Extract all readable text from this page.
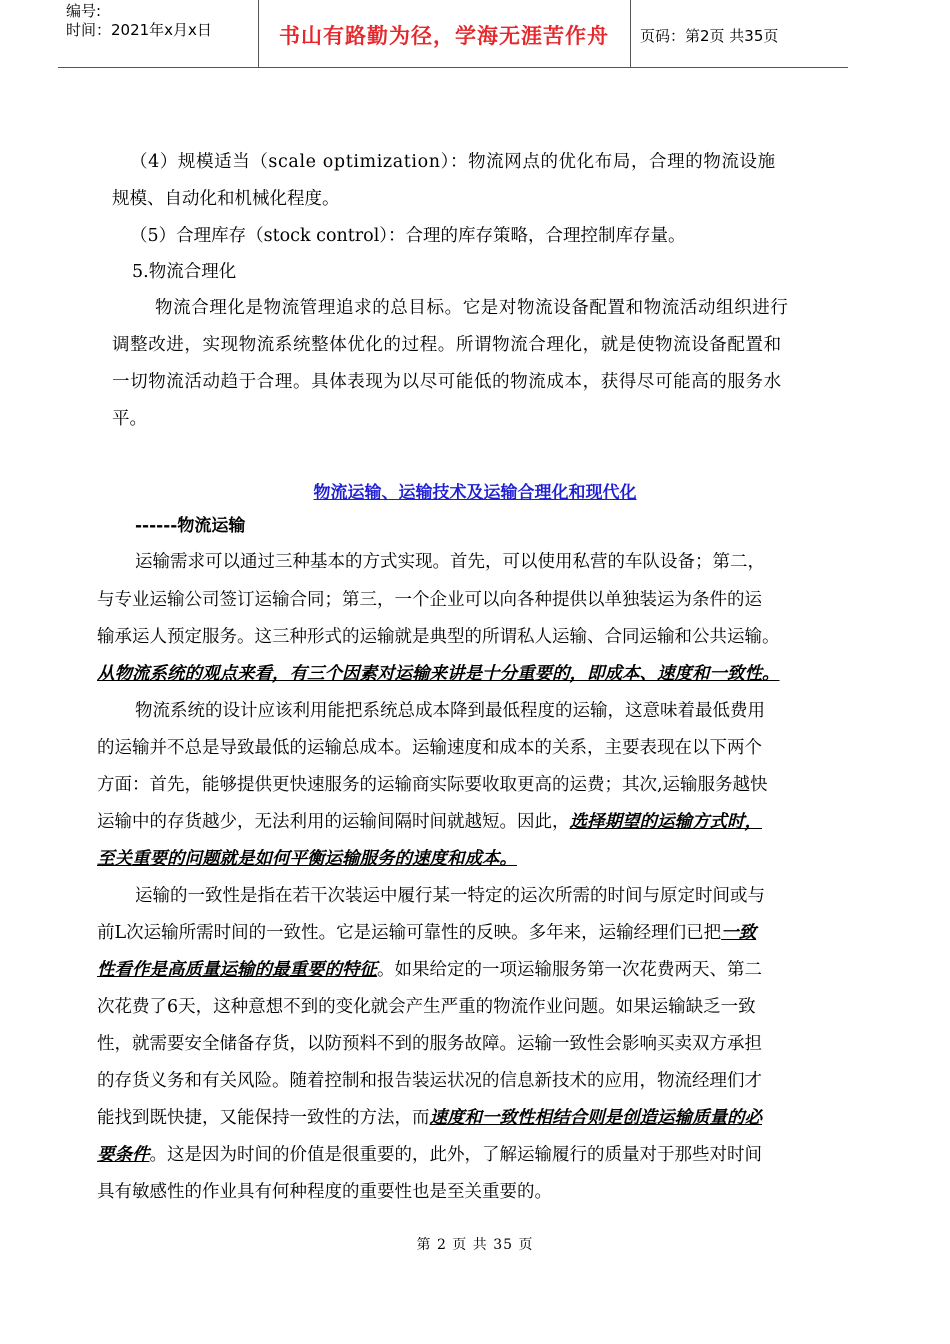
编号:
时间：2021年x月x日	书山有路勤为径，学海无涯苦作舟	页码：第2页 共35页
（4）规模适当（scale optimization）：物流网点的优化布局，合理的物流设施
规模、自动化和机械化程度。
（5）合理库存（stock control）：合理的库存策略，合理控制库存量。
5.物流合理化
物流合理化是物流管理追求的总目标。它是对物流设备配置和物流活动组织进行
调整改进，实现物流系统整体优化的过程。所谓物流合理化，就是使物流设备配置和
一切物流活动趋于合理。具体表现为以尽可能低的物流成本，获得尽可能高的服务水
平。
物流运输、运输技术及运输合理化和现代化
------物流运输
运输需求可以通过三种基本的方式实现。首先，可以使用私营的车队设备；第二，
与专业运输公司签订运输合同；第三，一个企业可以向各种提供以单独装运为条件的运
输承运人预定服务。这三种形式的运输就是典型的所谓私人运输、合同运输和公共运输。
从物流系统的观点来看，有三个因素对运输来讲是十分重要的，即成本、速度和一致性。
物流系统的设计应该利用能把系统总成本降到最低程度的运输，这意味着最低费用
的运输并不总是导致最低的运输总成本。运输速度和成本的关系，主要表现在以下两个
方面：首先，能够提供更快速服务的运输商实际要收取更高的运费；其次,运输服务越快
运输中的存货越少，无法利用的运输间隔时间就越短。因此，选择期望的运输方式时，
至关重要的问题就是如何平衡运输服务的速度和成本。
运输的一致性是指在若干次装运中履行某一特定的运次所需的时间与原定时间或与
前L次运输所需时间的一致性。它是运输可靠性的反映。多年来，运输经理们已把一致
性看作是高质量运输的最重要的特征。如果给定的一项运输服务第一次花费两天、第二
次花费了6天，这种意想不到的变化就会产生严重的物流作业问题。如果运输缺乏一致
性，就需要安全储备存货，以防预料不到的服务故障。运输一致性会影响买卖双方承担
的存货义务和有关风险。随着控制和报告装运状况的信息新技术的应用，物流经理们才
能找到既快捷，又能保持一致性的方法，而速度和一致性相结合则是创造运输质量的必
要条件。这是因为时间的价值是很重要的，此外，了解运输履行的质量对于那些对时间
具有敏感性的作业具有何种程度的重要性也是至关重要的。
第 2 页 共 35 页
